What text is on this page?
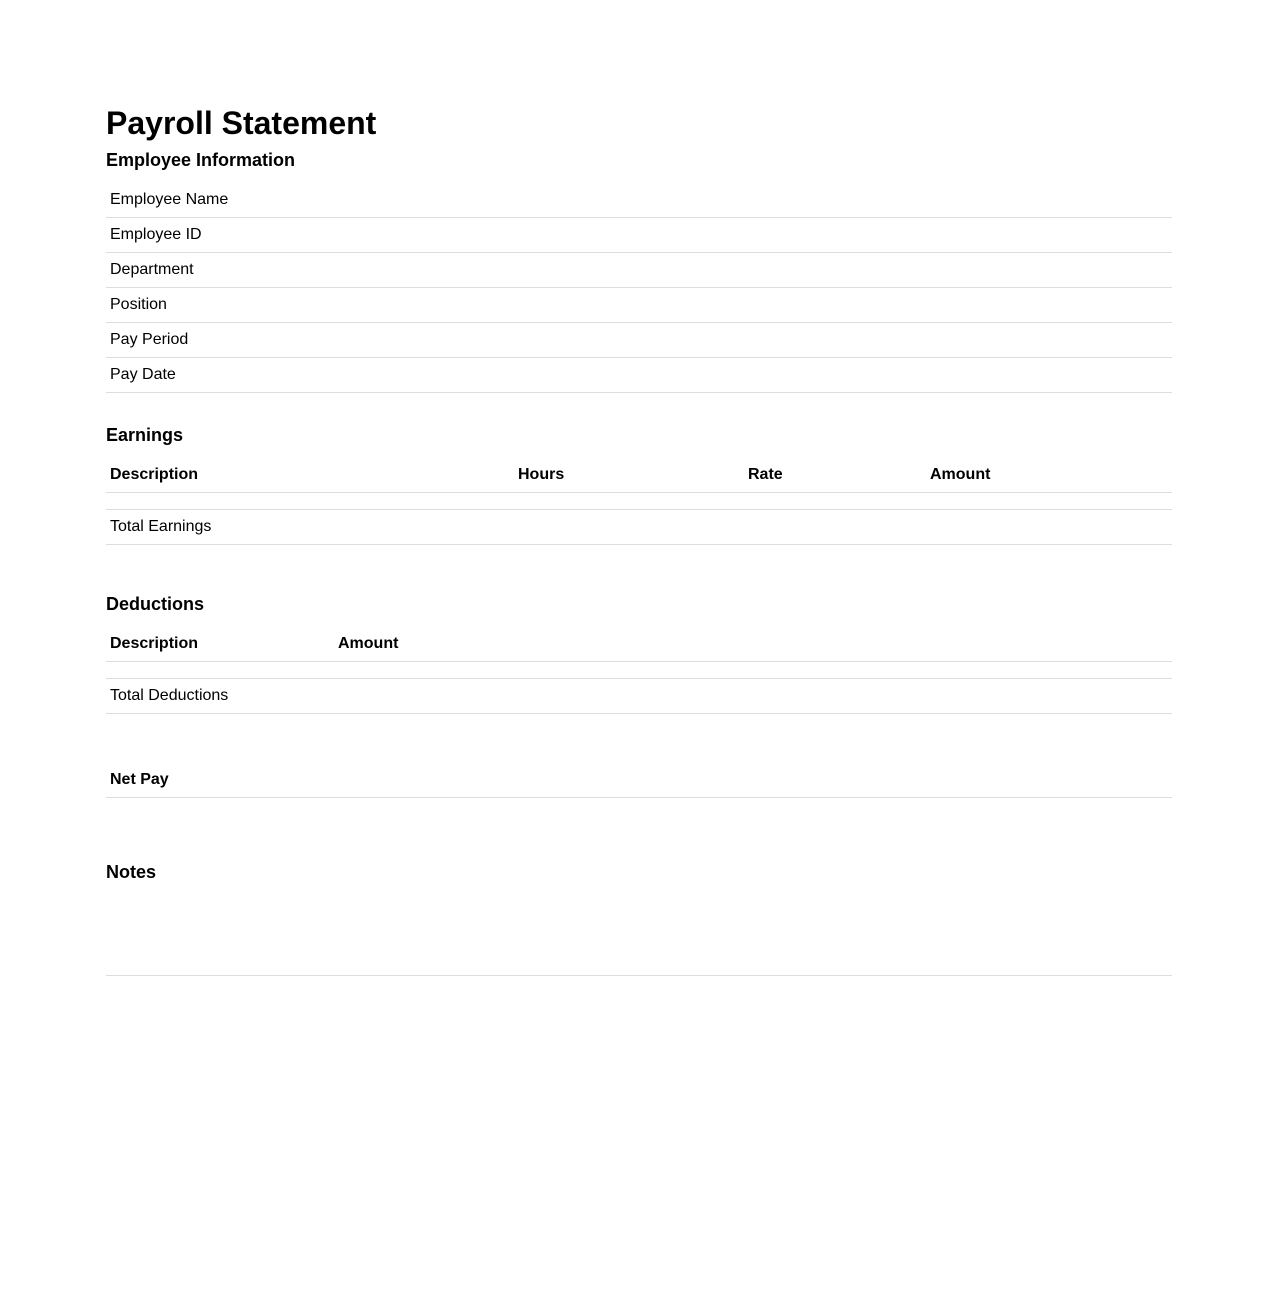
Payroll Statement
Employee Information
Employee Name
Employee ID
Department
Position
Pay Period
Pay Date
Earnings
Description	Hours	Rate	Amount
Total Earnings
Deductions
Description	Amount
Total Deductions
Net Pay
Notes
